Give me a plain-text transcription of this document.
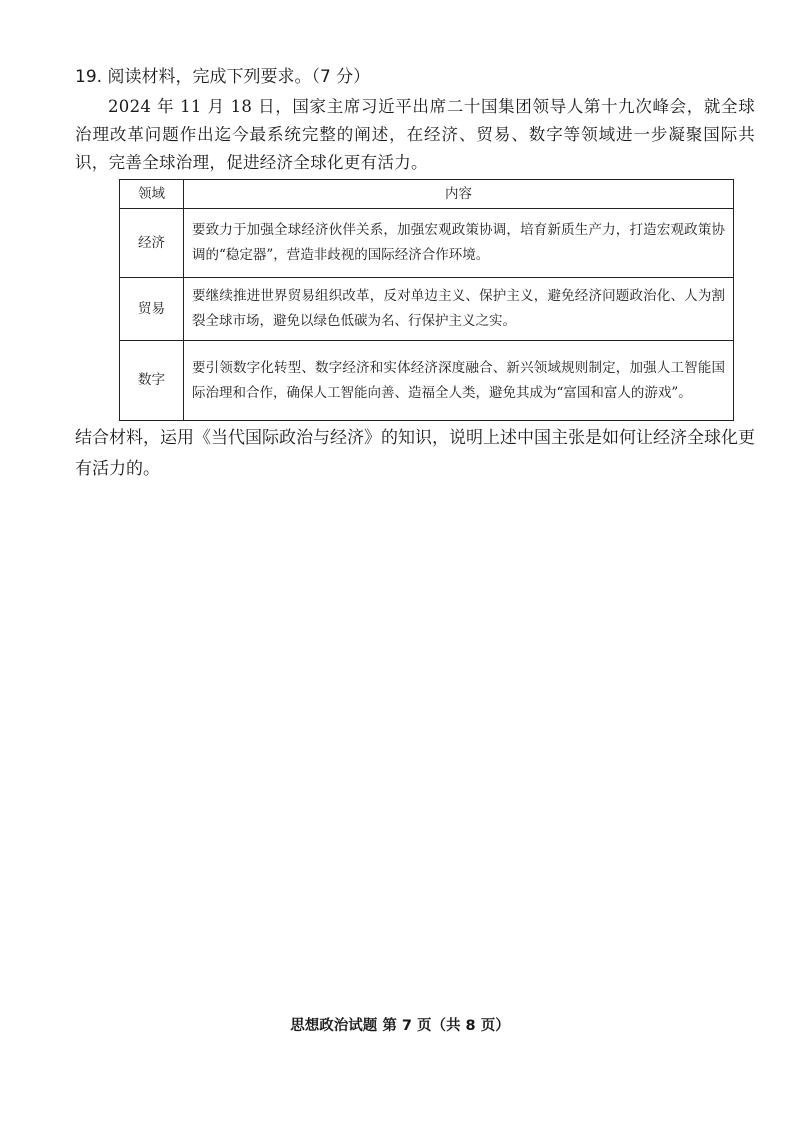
19. 阅读材料，完成下列要求。（7 分）
2024 年 11 月 18 日，国家主席习近平出席二十国集团领导人第十九次峰会，就全球治理改革问题作出迄今最系统完整的阐述，在经济、贸易、数字等领域进一步凝聚国际共识，完善全球治理，促进经济全球化更有活力。
领域	内容
经济	要致力于加强全球经济伙伴关系，加强宏观政策协调，培育新质生产力，打造宏观政策协调的“稳定器”，营造非歧视的国际经济合作环境。
贸易	要继续推进世界贸易组织改革，反对单边主义、保护主义，避免经济问题政治化、人为割裂全球市场，避免以绿色低碳为名、行保护主义之实。
数字	要引领数字化转型、数字经济和实体经济深度融合、新兴领域规则制定，加强人工智能国际治理和合作，确保人工智能向善、造福全人类，避免其成为“富国和富人的游戏”。
结合材料，运用《当代国际政治与经济》的知识，说明上述中国主张是如何让经济全球化更有活力的。
思想政治试题 第 7 页（共 8 页）
